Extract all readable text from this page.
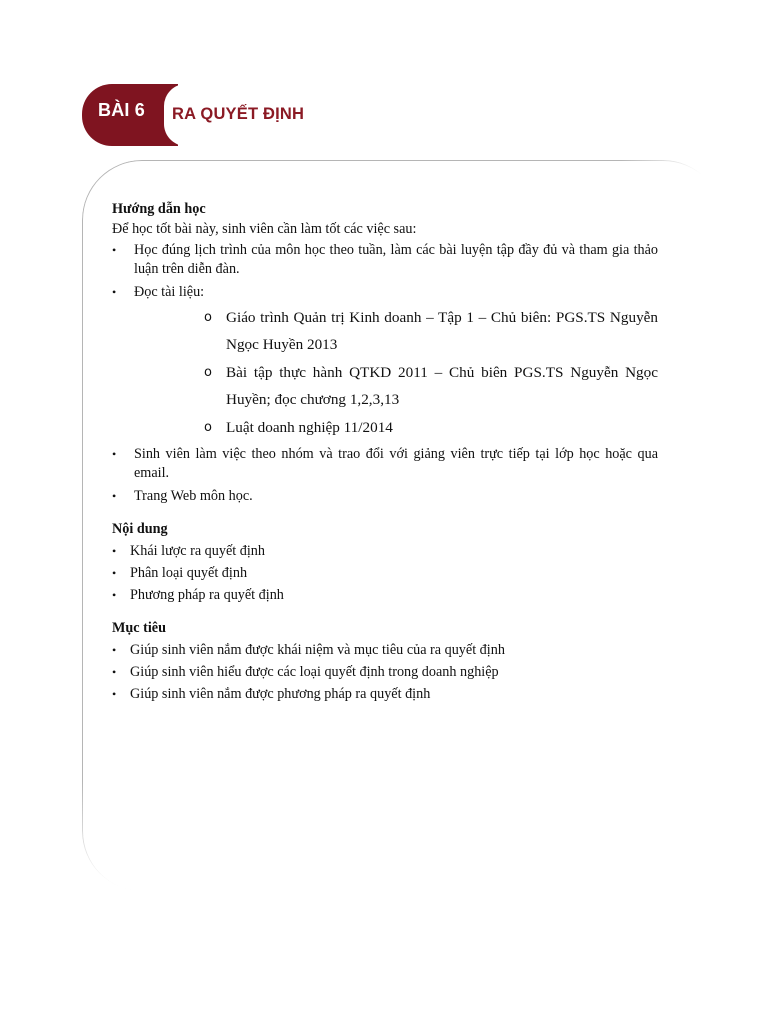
BÀI 6 RA QUYẾT ĐỊNH

Hướng dẫn học

Để học tốt bài này, sinh viên cần làm tốt các việc sau:

• Học đúng lịch trình của môn học theo tuần, làm các bài luyện tập đầy đủ và tham gia thảo luận trên diễn đàn.
• Đọc tài liệu:
o Giáo trình Quản trị Kinh doanh – Tập 1 – Chủ biên: PGS.TS Nguyễn Ngọc Huyền 2013
o Bài tập thực hành QTKD 2011 – Chủ biên PGS.TS Nguyễn Ngọc Huyền; đọc chương 1,2,3,13
o Luật doanh nghiệp 11/2014
• Sinh viên làm việc theo nhóm và trao đổi với giảng viên trực tiếp tại lớp học hoặc qua email.
• Trang Web môn học.

Nội dung

• Khái lược ra quyết định
• Phân loại quyết định
• Phương pháp ra quyết định

Mục tiêu

• Giúp sinh viên nắm được khái niệm và mục tiêu của ra quyết định
• Giúp sinh viên hiểu được các loại quyết định trong doanh nghiệp
• Giúp sinh viên nắm được phương pháp ra quyết định
